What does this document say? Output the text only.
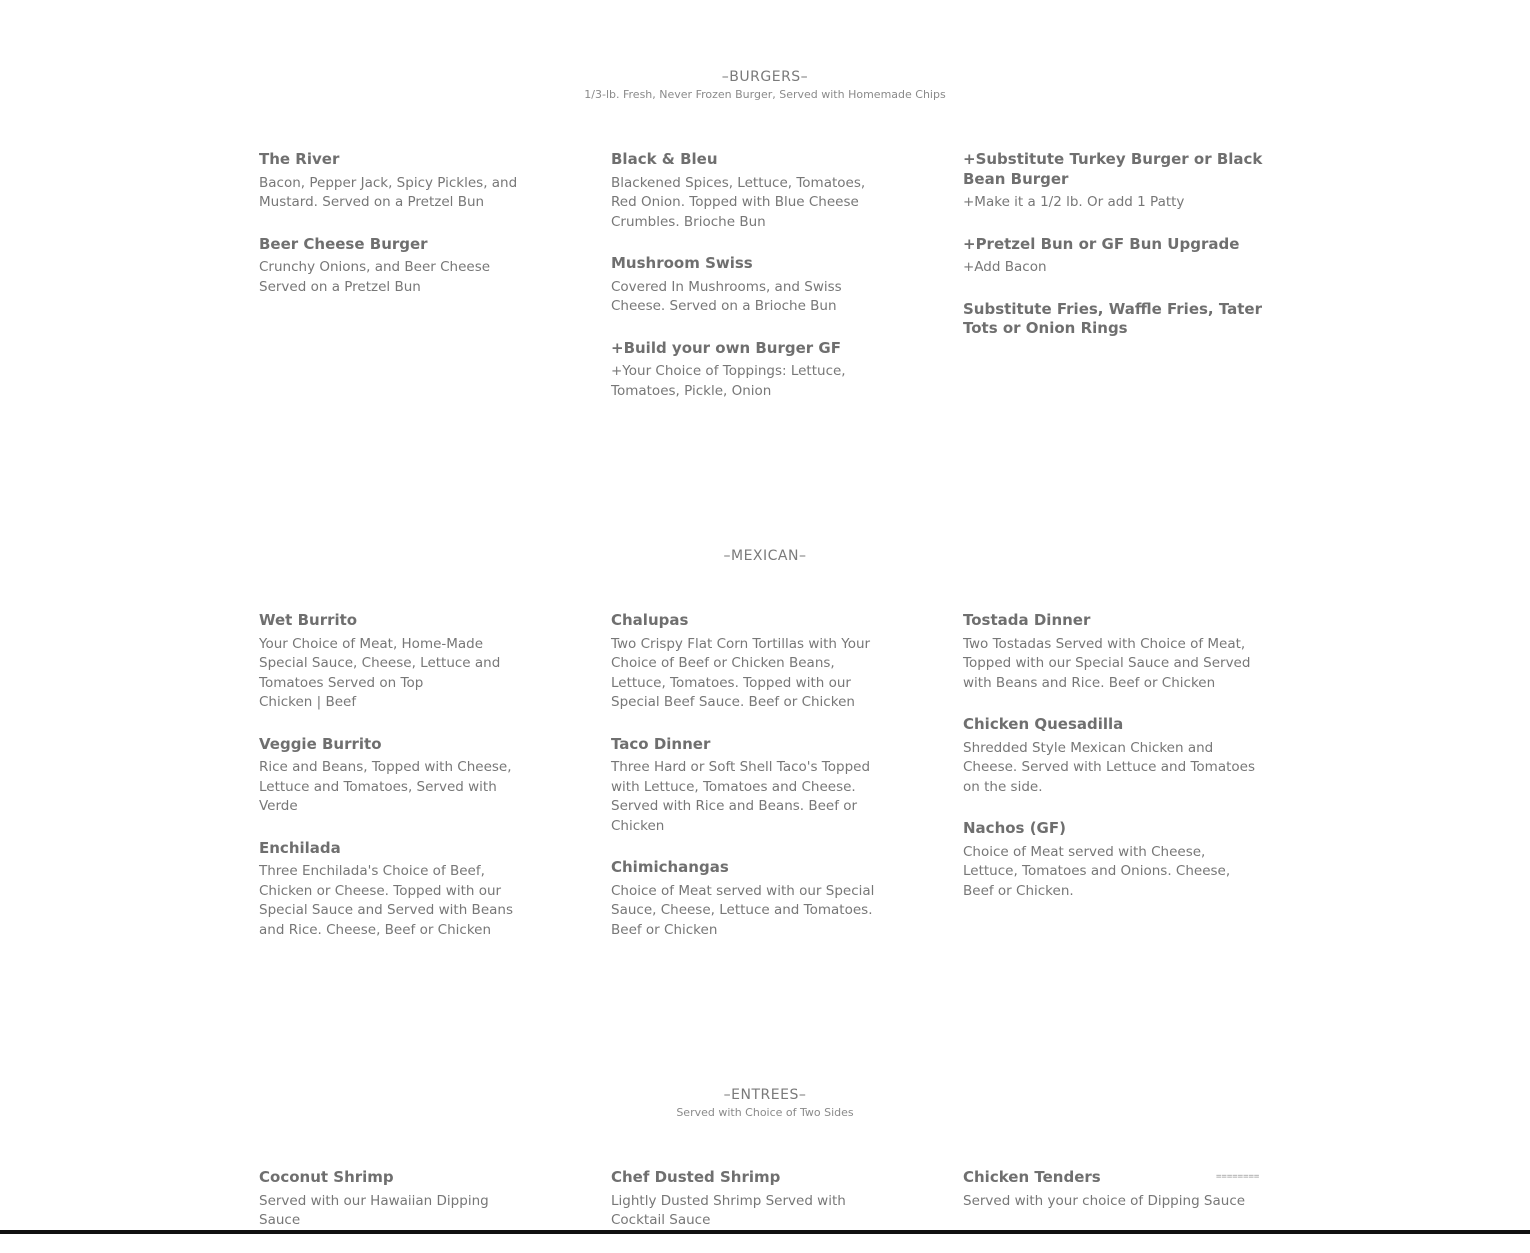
–BURGERS–
1/3-lb. Fresh, Never Frozen Burger, Served with Homemade Chips
The River
Bacon, Pepper Jack, Spicy Pickles, and Mustard. Served on a Pretzel Bun
Beer Cheese Burger
Crunchy Onions, and Beer Cheese Served on a Pretzel Bun
Black & Bleu
Blackened Spices, Lettuce, Tomatoes, Red Onion. Topped with Blue Cheese Crumbles. Brioche Bun
Mushroom Swiss
Covered In Mushrooms, and Swiss Cheese. Served on a Brioche Bun
+Build your own Burger GF
+Your Choice of Toppings: Lettuce, Tomatoes, Pickle, Onion
+Substitute Turkey Burger or Black Bean Burger
+Make it a 1/2 lb. Or add 1 Patty
+Pretzel Bun or GF Bun Upgrade
+Add Bacon
Substitute Fries, Waffle Fries, Tater Tots or Onion Rings
–MEXICAN–
Wet Burrito
Your Choice of Meat, Home-Made Special Sauce, Cheese, Lettuce and Tomatoes Served on Top
Chicken | Beef
Veggie Burrito
Rice and Beans, Topped with Cheese, Lettuce and Tomatoes, Served with Verde
Enchilada
Three Enchilada's Choice of Beef, Chicken or Cheese. Topped with our Special Sauce and Served with Beans and Rice. Cheese, Beef or Chicken
Chalupas
Two Crispy Flat Corn Tortillas with Your Choice of Beef or Chicken Beans, Lettuce, Tomatoes. Topped with our Special Beef Sauce. Beef or Chicken
Taco Dinner
Three Hard or Soft Shell Taco's Topped with Lettuce, Tomatoes and Cheese. Served with Rice and Beans. Beef or Chicken
Chimichangas
Choice of Meat served with our Special Sauce, Cheese, Lettuce and Tomatoes. Beef or Chicken
Tostada Dinner
Two Tostadas Served with Choice of Meat, Topped with our Special Sauce and Served with Beans and Rice. Beef or Chicken
Chicken Quesadilla
Shredded Style Mexican Chicken and Cheese. Served with Lettuce and Tomatoes on the side.
Nachos (GF)
Choice of Meat served with Cheese, Lettuce, Tomatoes and Onions. Cheese, Beef or Chicken.
–ENTREES–
Served with Choice of Two Sides
Coconut Shrimp
Served with our Hawaiian Dipping Sauce
Chef Dusted Shrimp
Lightly Dusted Shrimp Served with Cocktail Sauce
Chicken Tenders
Served with your choice of Dipping Sauce
========
